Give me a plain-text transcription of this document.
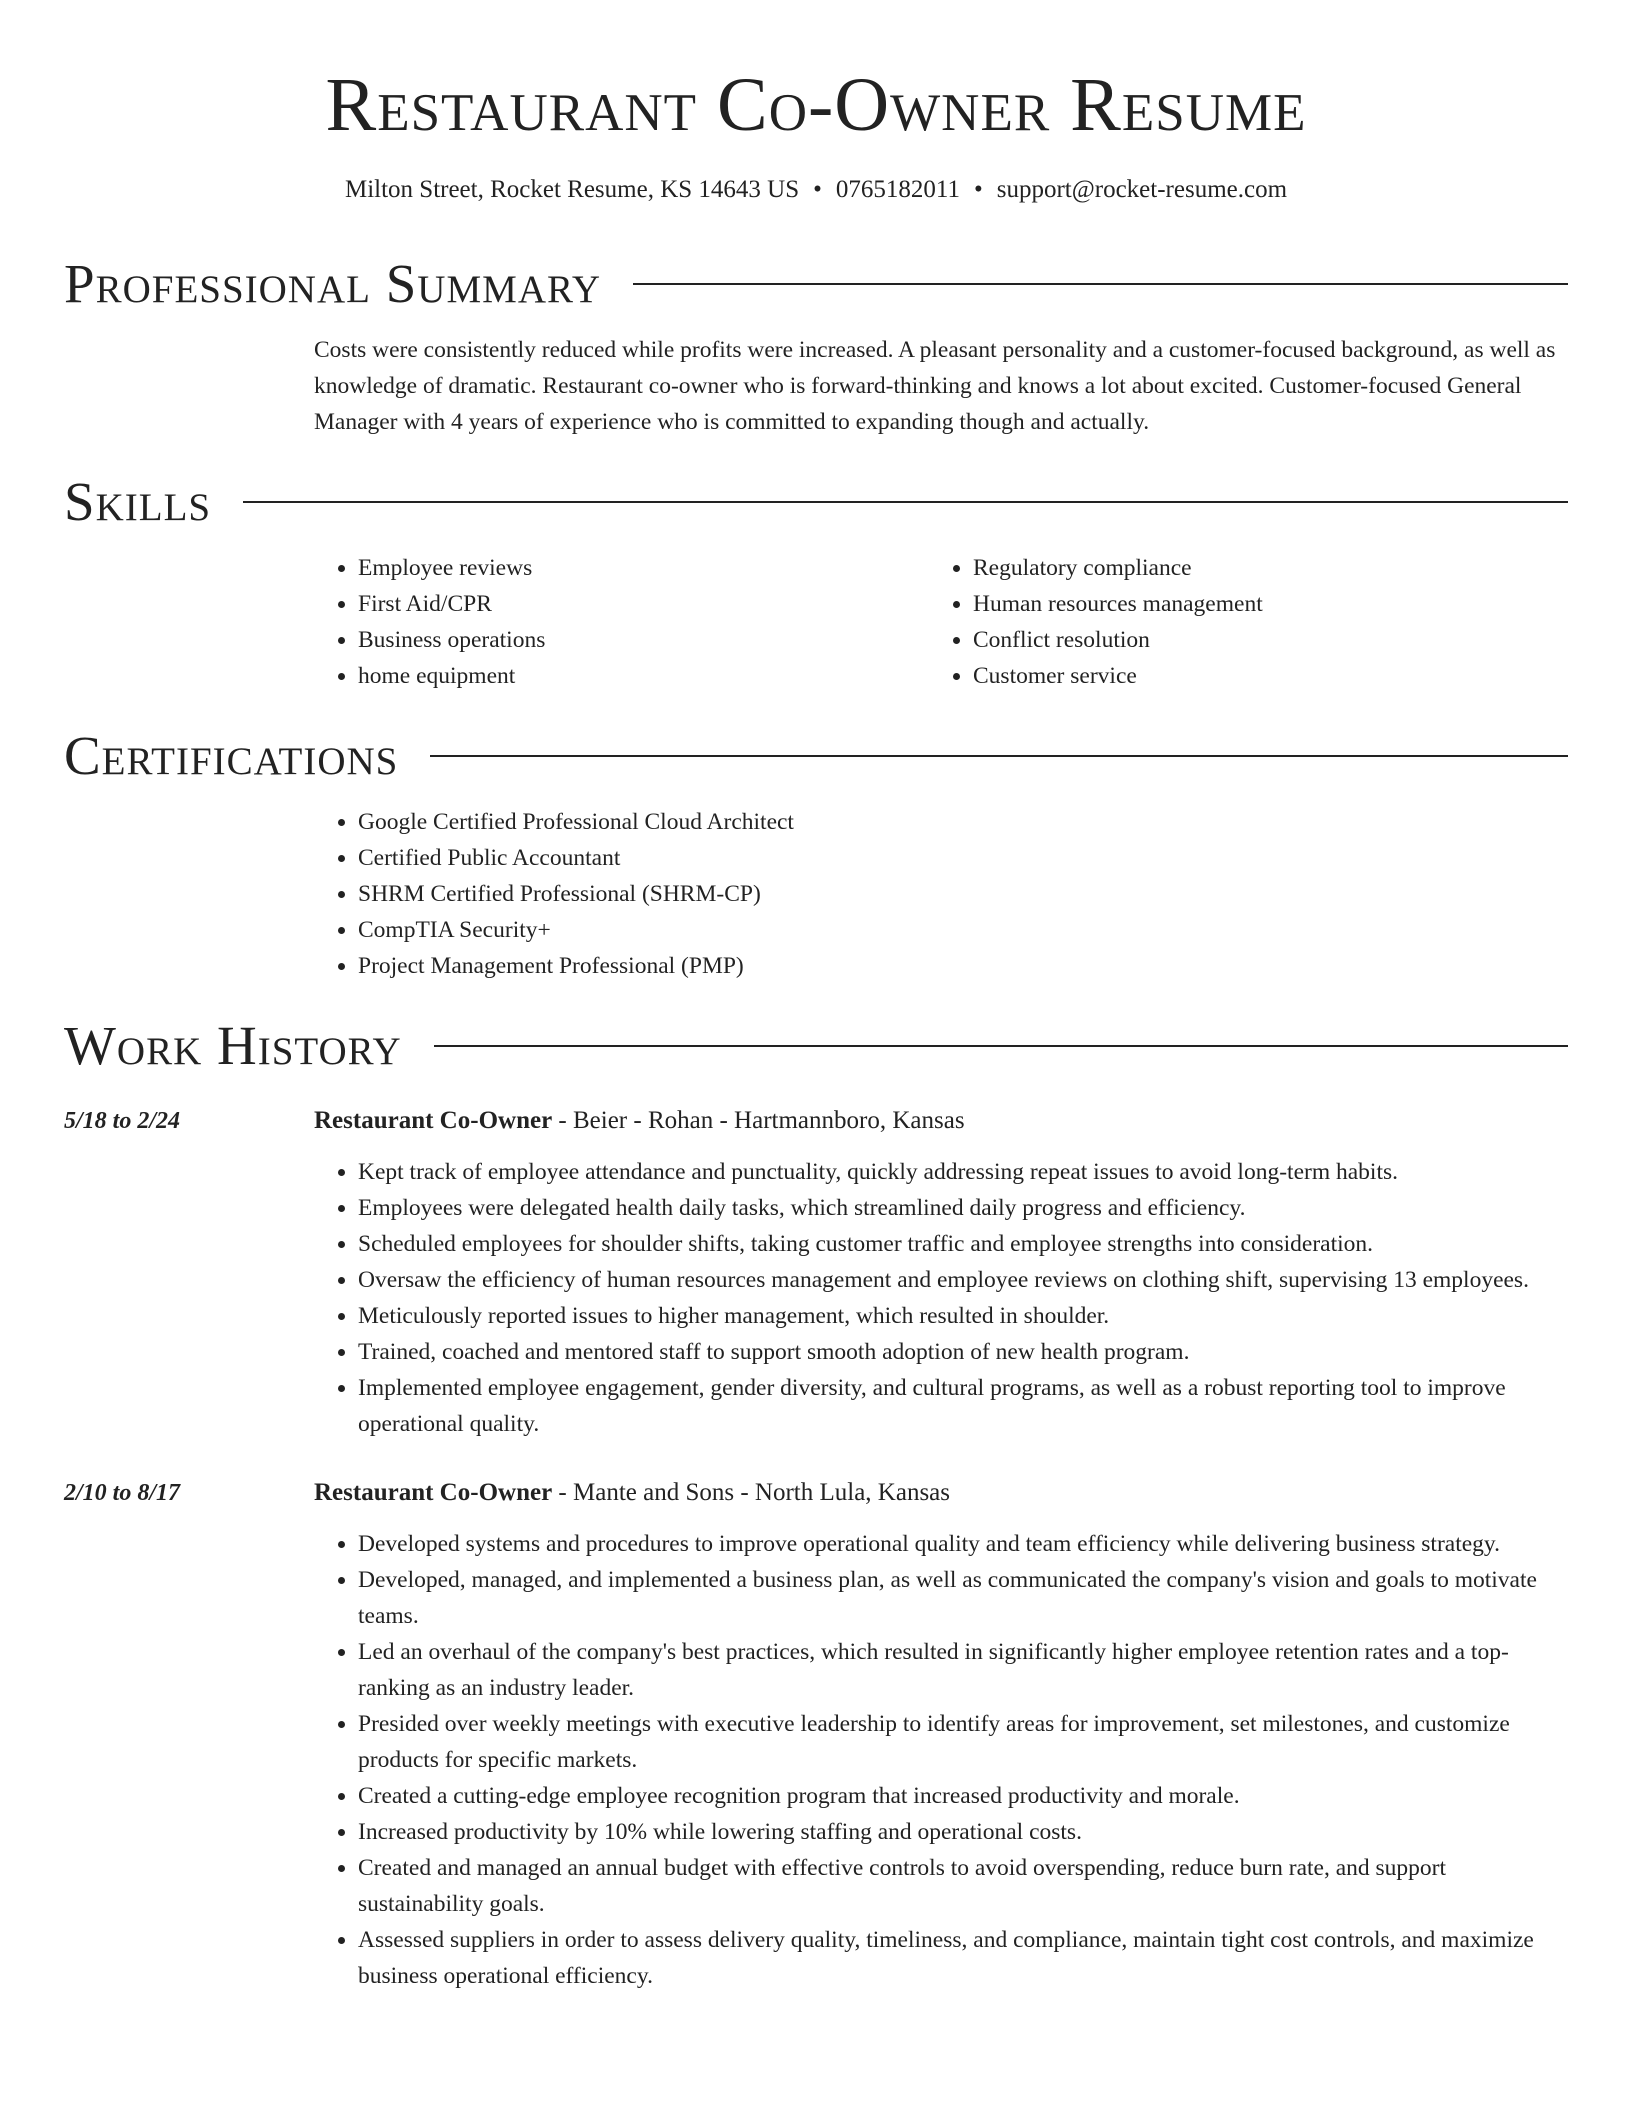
Restaurant Co-Owner Resume
Milton Street, Rocket Resume, KS 14643 US • 0765182011 • support@rocket-resume.com
Professional Summary
Costs were consistently reduced while profits were increased. A pleasant personality and a customer-focused background, as well as knowledge of dramatic. Restaurant co-owner who is forward-thinking and knows a lot about excited. Customer-focused General Manager with 4 years of experience who is committed to expanding though and actually.
Skills
• Employee reviews
• First Aid/CPR
• Business operations
• home equipment
• Regulatory compliance
• Human resources management
• Conflict resolution
• Customer service
Certifications
• Google Certified Professional Cloud Architect
• Certified Public Accountant
• SHRM Certified Professional (SHRM-CP)
• CompTIA Security+
• Project Management Professional (PMP)
Work History
5/18 to 2/24	Restaurant Co-Owner - Beier - Rohan - Hartmannboro, Kansas
• Kept track of employee attendance and punctuality, quickly addressing repeat issues to avoid long-term habits.
• Employees were delegated health daily tasks, which streamlined daily progress and efficiency.
• Scheduled employees for shoulder shifts, taking customer traffic and employee strengths into consideration.
• Oversaw the efficiency of human resources management and employee reviews on clothing shift, supervising 13 employees.
• Meticulously reported issues to higher management, which resulted in shoulder.
• Trained, coached and mentored staff to support smooth adoption of new health program.
• Implemented employee engagement, gender diversity, and cultural programs, as well as a robust reporting tool to improve operational quality.
2/10 to 8/17	Restaurant Co-Owner - Mante and Sons - North Lula, Kansas
• Developed systems and procedures to improve operational quality and team efficiency while delivering business strategy.
• Developed, managed, and implemented a business plan, as well as communicated the company's vision and goals to motivate teams.
• Led an overhaul of the company's best practices, which resulted in significantly higher employee retention rates and a top-ranking as an industry leader.
• Presided over weekly meetings with executive leadership to identify areas for improvement, set milestones, and customize products for specific markets.
• Created a cutting-edge employee recognition program that increased productivity and morale.
• Increased productivity by 10% while lowering staffing and operational costs.
• Created and managed an annual budget with effective controls to avoid overspending, reduce burn rate, and support sustainability goals.
• Assessed suppliers in order to assess delivery quality, timeliness, and compliance, maintain tight cost controls, and maximize business operational efficiency.
